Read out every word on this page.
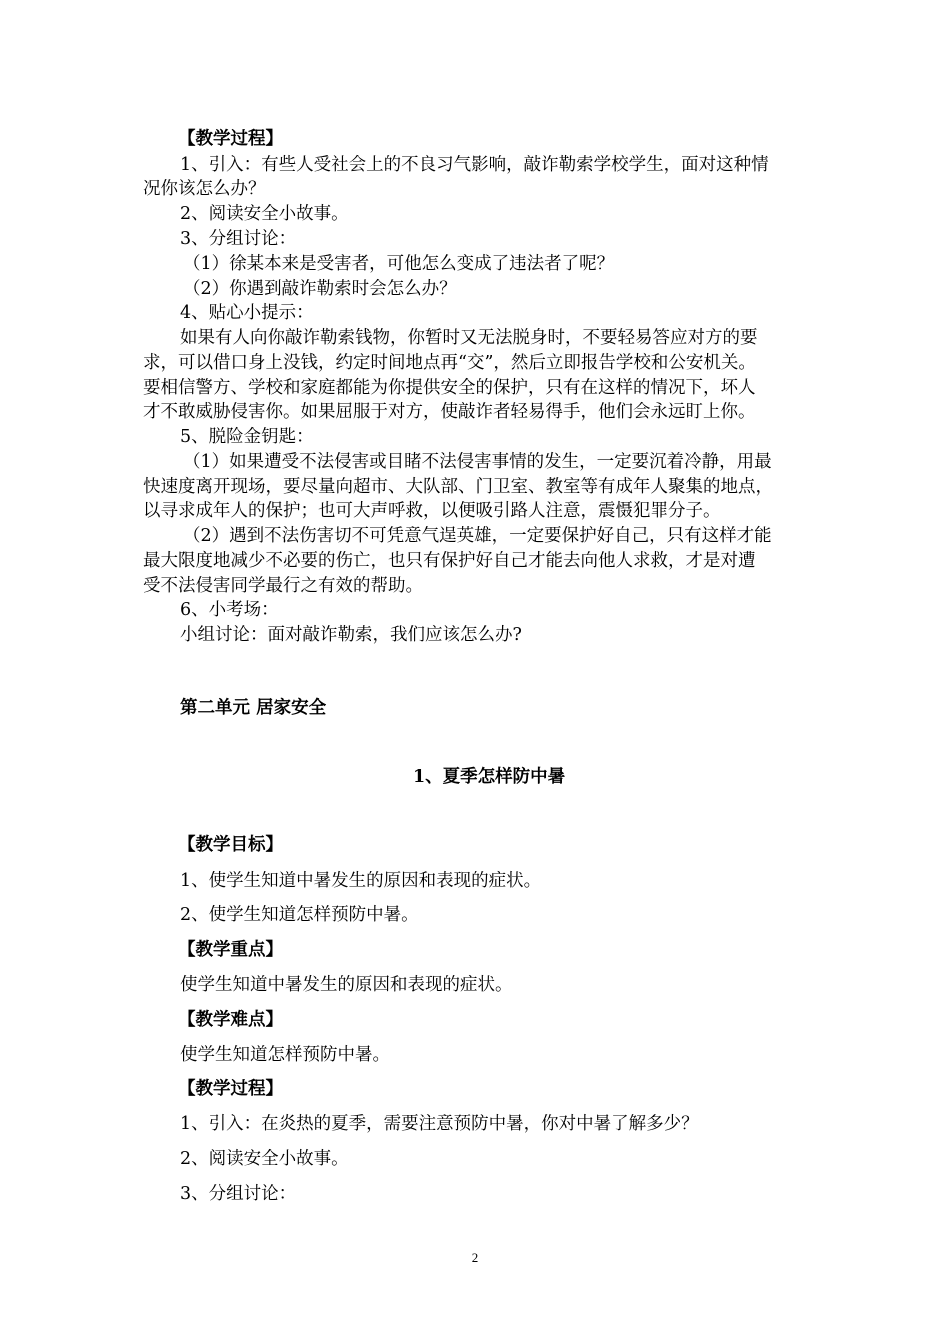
【教学过程】
1、引入：有些人受社会上的不良习气影响，敲诈勒索学校学生，面对这种情
况你该怎么办？
2、阅读安全小故事。
3、分组讨论：
（1）徐某本来是受害者，可他怎么变成了违法者了呢？
（2）你遇到敲诈勒索时会怎么办？
4、贴心小提示：
如果有人向你敲诈勒索钱物，你暂时又无法脱身时，不要轻易答应对方的要
求，可以借口身上没钱，约定时间地点再“交”，然后立即报告学校和公安机关。
要相信警方、学校和家庭都能为你提供安全的保护，只有在这样的情况下，坏人
才不敢威胁侵害你。如果屈服于对方，使敲诈者轻易得手，他们会永远盯上你。
5、脱险金钥匙：
（1）如果遭受不法侵害或目睹不法侵害事情的发生，一定要沉着冷静，用最
快速度离开现场，要尽量向超市、大队部、门卫室、教室等有成年人聚集的地点，
以寻求成年人的保护；也可大声呼救，以便吸引路人注意，震慑犯罪分子。
（2）遇到不法伤害切不可凭意气逞英雄，一定要保护好自己，只有这样才能
最大限度地减少不必要的伤亡，也只有保护好自己才能去向他人求救，才是对遭
受不法侵害同学最行之有效的帮助。
6、小考场：
小组讨论：面对敲诈勒索，我们应该怎么办?
第二单元 居家安全
1、夏季怎样防中暑
【教学目标】
1、使学生知道中暑发生的原因和表现的症状。
2、使学生知道怎样预防中暑。
【教学重点】
使学生知道中暑发生的原因和表现的症状。
【教学难点】
使学生知道怎样预防中暑。
【教学过程】
1、引入：在炎热的夏季，需要注意预防中暑，你对中暑了解多少？
2、阅读安全小故事。
3、分组讨论：
2
